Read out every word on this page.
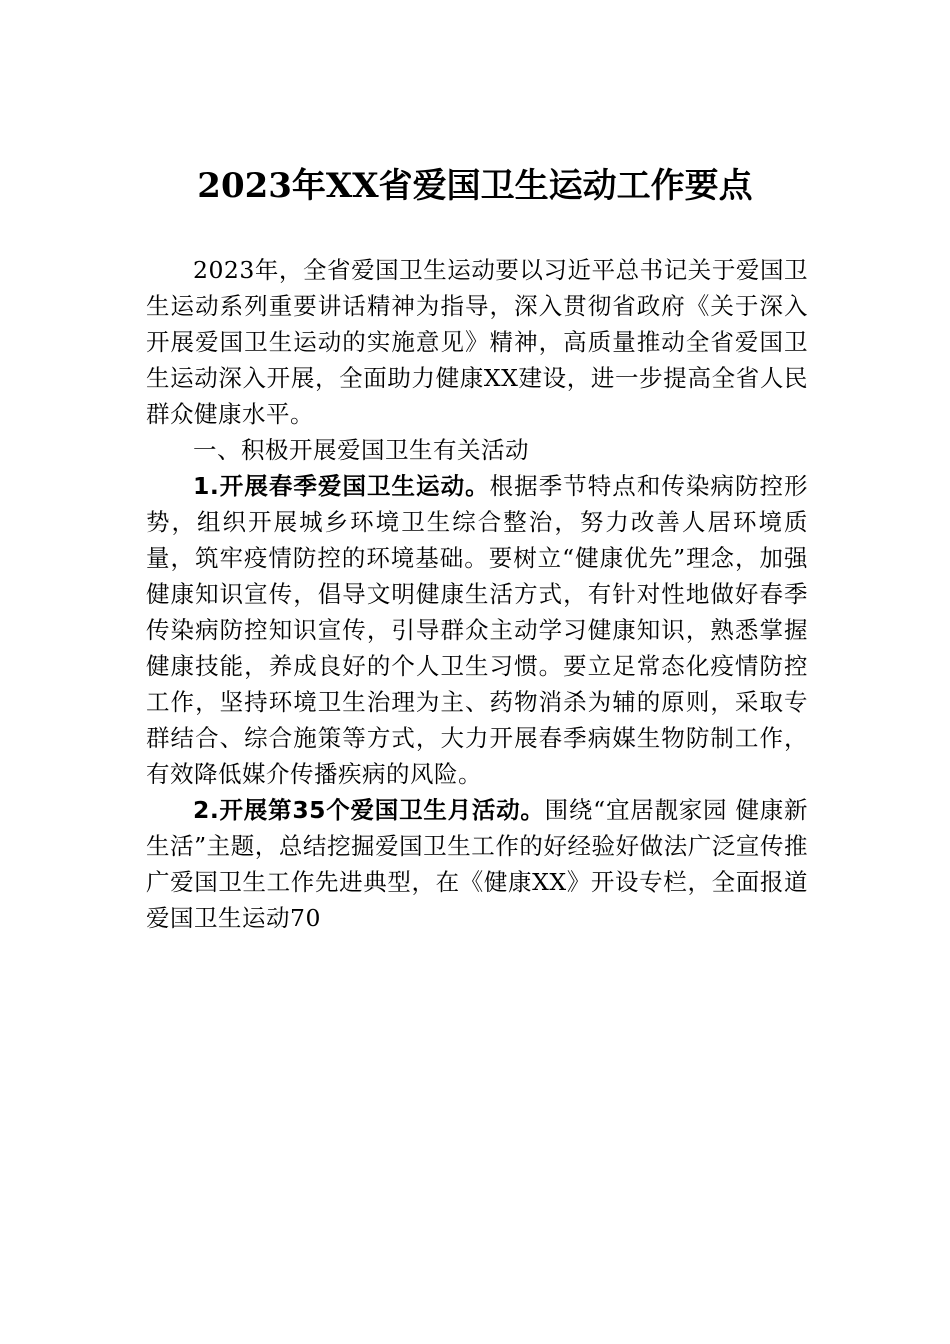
2023年XX省爱国卫生运动工作要点

2023年，全省爱国卫生运动要以习近平总书记关于爱国卫生运动系列重要讲话精神为指导，深入贯彻省政府《关于深入开展爱国卫生运动的实施意见》精神，高质量推动全省爱国卫生运动深入开展，全面助力健康XX建设，进一步提高全省人民群众健康水平。

一、积极开展爱国卫生有关活动

1.开展春季爱国卫生运动。根据季节特点和传染病防控形势，组织开展城乡环境卫生综合整治，努力改善人居环境质量，筑牢疫情防控的环境基础。要树立“健康优先”理念，加强健康知识宣传，倡导文明健康生活方式，有针对性地做好春季传染病防控知识宣传，引导群众主动学习健康知识，熟悉掌握健康技能，养成良好的个人卫生习惯。要立足常态化疫情防控工作，坚持环境卫生治理为主、药物消杀为辅的原则，采取专群结合、综合施策等方式，大力开展春季病媒生物防制工作，有效降低媒介传播疾病的风险。

2.开展第35个爱国卫生月活动。围绕“宜居靓家园 健康新生活”主题，总结挖掘爱国卫生工作的好经验好做法广泛宣传推广爱国卫生工作先进典型，在《健康XX》开设专栏，全面报道爱国卫生运动70
